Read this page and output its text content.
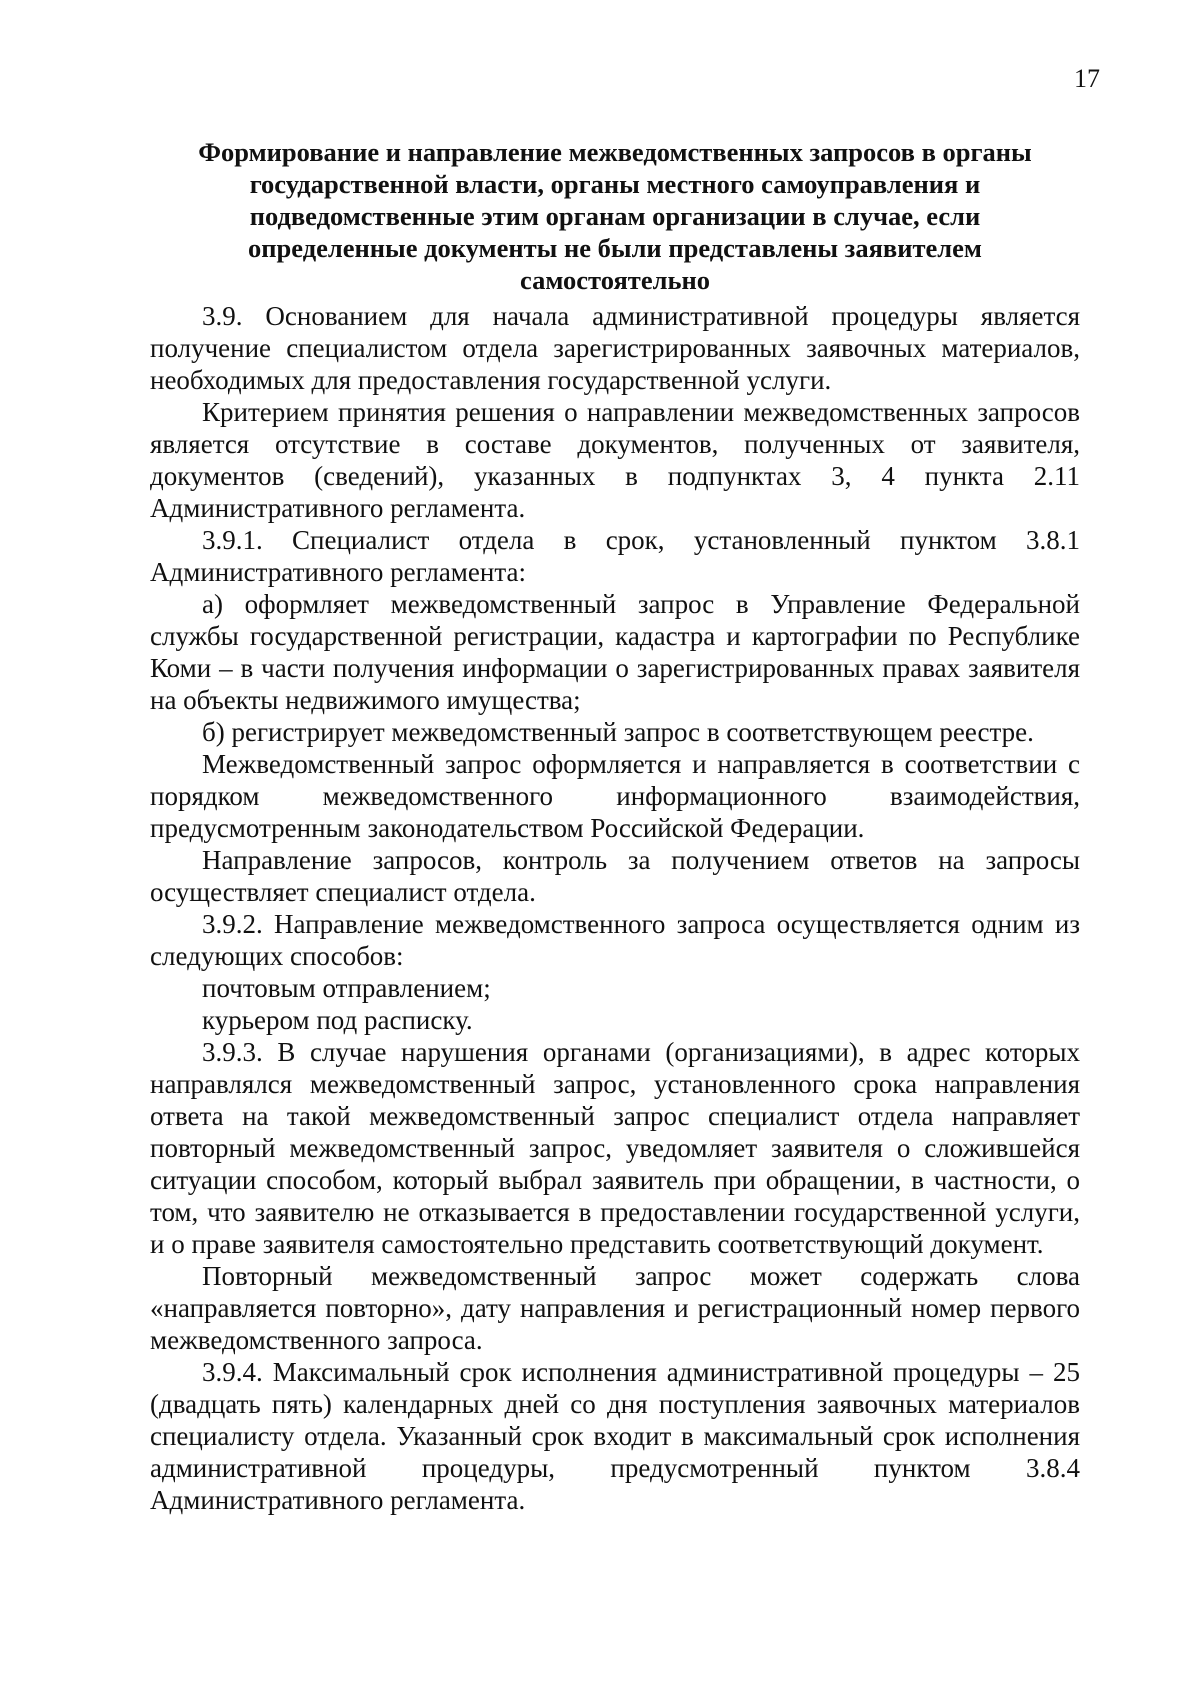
17
Формирование и направление межведомственных запросов в органы
государственной власти, органы местного самоуправления и
подведомственные этим органам организации в случае, если
определенные документы не были представлены заявителем
самостоятельно

3.9. Основанием для начала административной процедуры является получение специалистом отдела зарегистрированных заявочных материалов, необходимых для предоставления государственной услуги.

Критерием принятия решения о направлении межведомственных запросов является отсутствие в составе документов, полученных от заявителя, документов (сведений), указанных в подпунктах 3, 4 пункта 2.11 Административного регламента.

3.9.1. Специалист отдела в срок, установленный пунктом 3.8.1 Административного регламента:

а) оформляет межведомственный запрос в Управление Федеральной службы государственной регистрации, кадастра и картографии по Республике Коми – в части получения информации о зарегистрированных правах заявителя на объекты недвижимого имущества;

б) регистрирует межведомственный запрос в соответствующем реестре.

Межведомственный запрос оформляется и направляется в соответствии с порядком межведомственного информационного взаимодействия, предусмотренным законодательством Российской Федерации.

Направление запросов, контроль за получением ответов на запросы осуществляет специалист отдела.

3.9.2. Направление межведомственного запроса осуществляется одним из следующих способов:

почтовым отправлением;

курьером под расписку.

3.9.3. В случае нарушения органами (организациями), в адрес которых направлялся межведомственный запрос, установленного срока направления ответа на такой межведомственный запрос специалист отдела направляет повторный межведомственный запрос, уведомляет заявителя о сложившейся ситуации способом, который выбрал заявитель при обращении, в частности, о том, что заявителю не отказывается в предоставлении государственной услуги, и о праве заявителя самостоятельно представить соответствующий документ.

Повторный межведомственный запрос может содержать слова «направляется повторно», дату направления и регистрационный номер первого межведомственного запроса.

3.9.4. Максимальный срок исполнения административной процедуры – 25 (двадцать пять) календарных дней со дня поступления заявочных материалов специалисту отдела. Указанный срок входит в максимальный срок исполнения административной процедуры, предусмотренный пунктом 3.8.4 Административного регламента.
